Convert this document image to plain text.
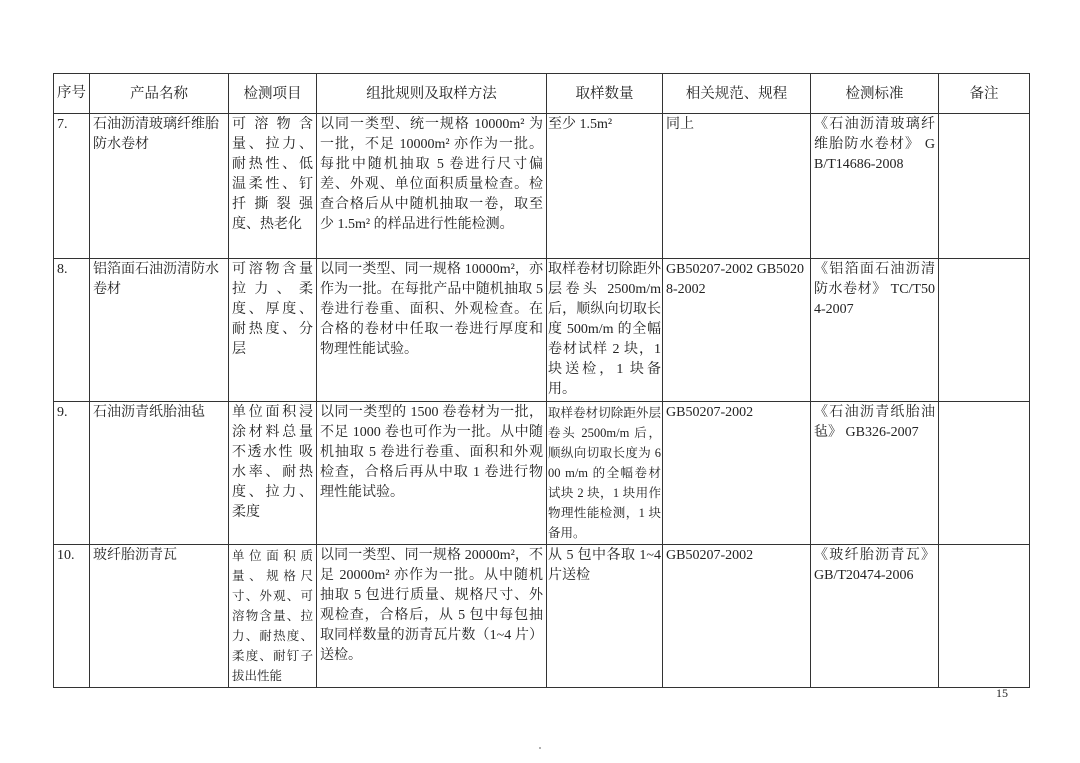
序号	产品名称	检测项目	组批规则及取样方法	取样数量	相关规范、规程	检测标准	备注
7.	石油沥清玻璃纤维胎防水卷材	可溶物含量、拉力、耐热性、低温柔性、钉扦撕裂强度、热老化	以同一类型、统一规格 10000m² 为一批，不足 10000m² 亦作为一批。每批中随机抽取 5 卷进行尺寸偏差、外观、单位面积质量检查。检查合格后从中随机抽取一卷，取至少 1.5m² 的样品进行性能检测。	至少 1.5m²	同上	《石油沥清玻璃纤维胎防水卷材》 GB/T14686-2008	
8.	铝箔面石油沥清防水卷材	可溶物含量拉力、柔度、厚度、耐热度、分层	以同一类型、同一规格 10000m²，亦作为一批。在每批产品中随机抽取 5 卷进行卷重、面积、外观检查。在合格的卷材中任取一卷进行厚度和物理性能试验。	取样卷材切除距外层卷头 2500m/m 后，顺纵向切取长度 500m/m 的全幅卷材试样 2 块，1 块送检，1 块备用。	GB50207-2002 GB50208-2002	《铝箔面石油沥清防水卷材》 TC/T504-2007	
9.	石油沥青纸胎油毡	单位面积浸涂材料总量不透水性 吸水率、耐热度、拉力、柔度	以同一类型的 1500 卷卷材为一批，不足 1000 卷也可作为一批。从中随机抽取 5 卷进行卷重、面积和外观检查，合格后再从中取 1 卷进行物理性能试验。	取样卷材切除距外层卷头 2500m/m 后，顺纵向切取长度为 600 m/m 的全幅卷材试块 2 块，1 块用作物理性能检测，1 块备用。	GB50207-2002	《石油沥青纸胎油毡》 GB326-2007	
10.	玻纤胎沥青瓦	单位面积质量、规格尺寸、外观、可溶物含量、拉力、耐热度、柔度、耐钉子拔出性能	以同一类型、同一规格 20000m²，不足 20000m² 亦作为一批。从中随机抽取 5 包进行质量、规格尺寸、外观检查，合格后，从 5 包中每包抽取同样数量的沥青瓦片数（1~4 片）送检。	从 5 包中各取 1~4 片送检	GB50207-2002	《玻纤胎沥青瓦》 GB/T20474-2006	
15
